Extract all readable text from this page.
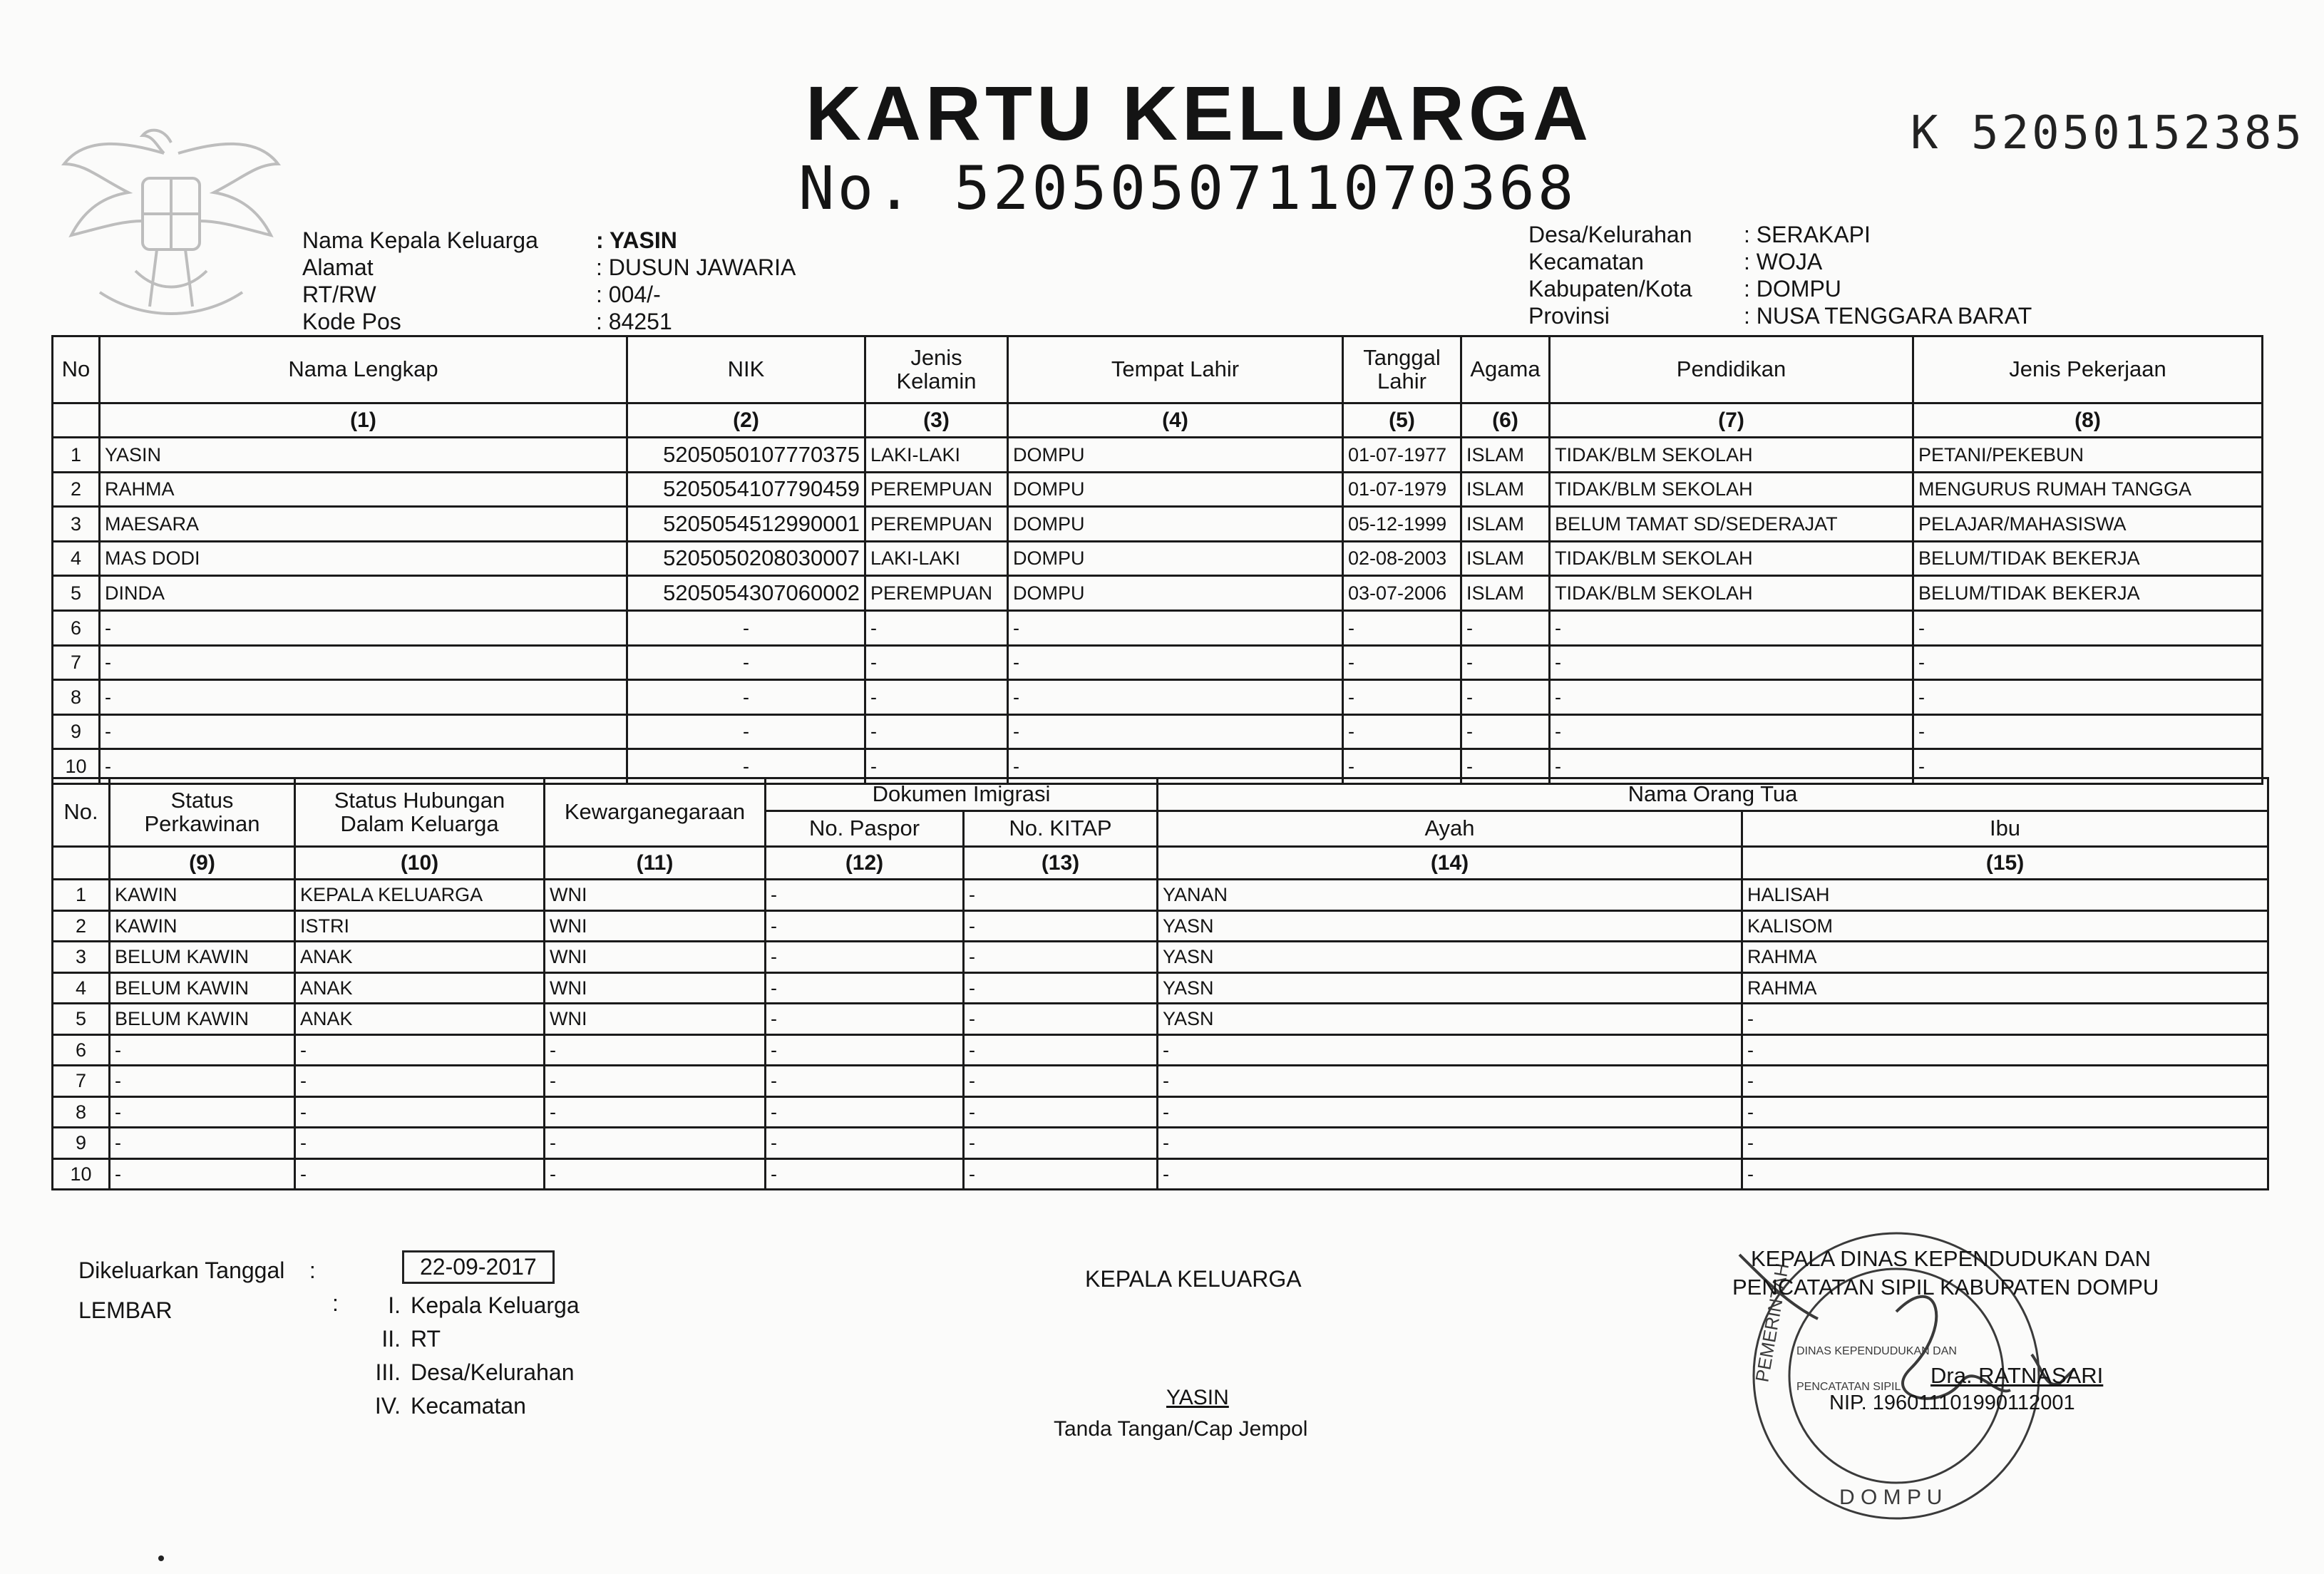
KARTU KELUARGA
No. 5205050711070368
K 52050152385
Nama Kepala Keluarga	: YASIN
Alamat	: DUSUN JAWARIA
RT/RW	: 004/-
Kode Pos	: 84251
Desa/Kelurahan : SERAKAPI
Kecamatan	: WOJA
Kabupaten/Kota : DOMPU
Provinsi	: NUSA TENGGARA BARAT
No	Nama Lengkap	NIK	Jenis Kelamin	Tempat Lahir	Tanggal Lahir	Agama	Pendidikan	Jenis Pekerjaan
	(1)	(2)	(3)	(4)	(5)	(6)	(7)	(8)
1	YASIN	5205050107770375	LAKI-LAKI	DOMPU	01-07-1977	ISLAM	TIDAK/BLM SEKOLAH	PETANI/PEKEBUN
2	RAHMA	5205054107790459	PEREMPUAN	DOMPU	01-07-1979	ISLAM	TIDAK/BLM SEKOLAH	MENGURUS RUMAH TANGGA
3	MAESARA	5205054512990001	PEREMPUAN	DOMPU	05-12-1999	ISLAM	BELUM TAMAT SD/SEDERAJAT	PELAJAR/MAHASISWA
4	MAS DODI	5205050208030007	LAKI-LAKI	DOMPU	02-08-2003	ISLAM	TIDAK/BLM SEKOLAH	BELUM/TIDAK BEKERJA
5	DINDA	5205054307060002	PEREMPUAN	DOMPU	03-07-2006	ISLAM	TIDAK/BLM SEKOLAH	BELUM/TIDAK BEKERJA
6	-	-	-	-	-	-	-	-
7	-	-	-	-	-	-	-	-
8	-	-	-	-	-	-	-	-
9	-	-	-	-	-	-	-	-
10	-	-	-	-	-	-	-	-
No.	Status Perkawinan	Status Hubungan Dalam Keluarga	Kewarganegaraan	Dokumen Imigrasi		Nama Orang Tua	
				No. Paspor	No. KITAP	Ayah	Ibu
	(9)	(10)	(11)	(12)	(13)	(14)	(15)
1	KAWIN	KEPALA KELUARGA	WNI	-	-	YANAN	HALISAH
2	KAWIN	ISTRI	WNI	-	-	YASN	KALISOM
3	BELUM KAWIN	ANAK	WNI	-	-	YASN	RAHMA
4	BELUM KAWIN	ANAK	WNI	-	-	YASN	RAHMA
5	BELUM KAWIN	ANAK	WNI	-	-	YASN	-
6	-	-	-	-	-	-	-
7	-	-	-	-	-	-	-
8	-	-	-	-	-	-	-
9	-	-	-	-	-	-	-
10	-	-	-	-	-	-	-
Dikeluarkan Tanggal :	22-09-2017
LEMBAR	:	I. Kepala Keluarga
II. RT
III. Desa/Kelurahan
IV. Kecamatan
KEPALA KELUARGA
YASIN
Tanda Tangan/Cap Jempol
PEMERINTAH DINAS KEPENDUDUKAN DAN
PENCATATAN SIPIL
D O M P U
KEPALA DINAS KEPENDUDUKAN DAN
PENCATATAN SIPIL KABUPATEN DOMPU
Dra. RATNASARI
NIP. 196011101990112001
